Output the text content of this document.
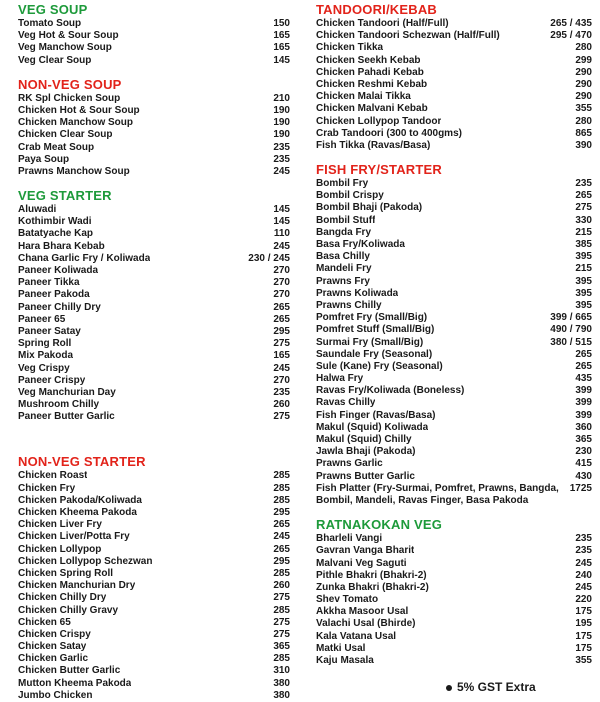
VEG SOUP
Tomato Soup	150
Veg Hot & Sour Soup	165
Veg Manchow Soup	165
Veg Clear Soup	145
NON-VEG SOUP
RK Spl Chicken Soup	210
Chicken Hot & Sour Soup	190
Chicken Manchow Soup	190
Chicken Clear Soup	190
Crab Meat Soup	235
Paya Soup	235
Prawns Manchow Soup	245
VEG STARTER
Aluwadi	145
Kothimbir Wadi	145
Batatyache Kap	110
Hara Bhara Kebab	245
Chana Garlic Fry / Koliwada	230 / 245
Paneer Koliwada	270
Paneer Tikka	270
Paneer Pakoda	270
Paneer Chilly Dry	265
Paneer 65	265
Paneer Satay	295
Spring Roll	275
Mix Pakoda	165
Veg Crispy	245
Paneer Crispy	270
Veg Manchurian Day	235
Mushroom Chilly	260
Paneer Butter Garlic	275
NON-VEG STARTER
Chicken Roast	285
Chicken Fry	285
Chicken Pakoda/Koliwada	285
Chicken Kheema Pakoda	295
Chicken Liver Fry	265
Chicken Liver/Potta Fry	245
Chicken Lollypop	265
Chicken Lollypop Schezwan	295
Chicken Spring Roll	285
Chicken Manchurian Dry	260
Chicken Chilly Dry	275
Chicken Chilly Gravy	285
Chicken 65	275
Chicken Crispy	275
Chicken Satay	365
Chicken Garlic	285
Chicken Butter Garlic	310
Mutton Kheema Pakoda	380
Jumbo Chicken	380
TANDOORI/KEBAB
Chicken Tandoori (Half/Full)	265 / 435
Chicken Tandoori Schezwan (Half/Full)	295 / 470
Chicken Tikka	280
Chicken Seekh Kebab	299
Chicken Pahadi Kebab	290
Chicken Reshmi Kebab	290
Chicken Malai Tikka	290
Chicken Malvani Kebab	355
Chicken Lollypop Tandoor	280
Crab Tandoori (300 to 400gms)	865
Fish Tikka (Ravas/Basa)	390
FISH FRY/STARTER
Bombil Fry	235
Bombil Crispy	265
Bombil Bhaji (Pakoda)	275
Bombil Stuff	330
Bangda Fry	215
Basa Fry/Koliwada	385
Basa Chilly	395
Mandeli Fry	215
Prawns Fry	395
Prawns Koliwada	395
Prawns Chilly	395
Pomfret Fry (Small/Big)	399 / 665
Pomfret Stuff (Small/Big)	490 / 790
Surmai Fry (Small/Big)	380 / 515
Saundale Fry (Seasonal)	265
Sule (Kane) Fry (Seasonal)	265
Halwa Fry	435
Ravas Fry/Koliwada (Boneless)	399
Ravas Chilly	399
Fish Finger (Ravas/Basa)	399
Makul (Squid) Koliwada	360
Makul (Squid) Chilly	365
Jawla Bhaji (Pakoda)	230
Prawns Garlic	415
Prawns Butter Garlic	430
Fish Platter (Fry-Surmai, Pomfret, Prawns, Bangda, Bombil, Mandeli, Ravas Finger, Basa Pakoda
1725
RATNAKOKAN VEG
Bharleli Vangi	235
Gavran Vanga Bharit	235
Malvani Veg Saguti	245
Pithle Bhakri (Bhakri-2)	240
Zunka Bhakri (Bhakri-2)	245
Shev Tomato	220
Akkha Masoor Usal	175
Valachi Usal (Bhirde)	195
Kala Vatana Usal	175
Matki Usal	175
Kaju Masala	355
5% GST Extra
